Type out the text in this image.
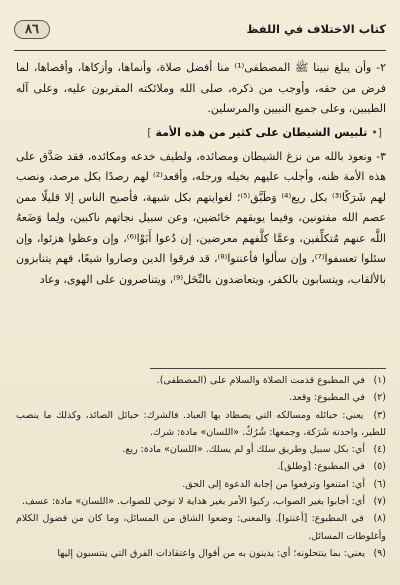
كتاب الاختلاف في اللفظ
٨٦

٢- وأن يبلغ نبينا ﷺ المصطفى⁽¹⁾ منا أفضل صلاة، وأنماها، وأزكاها، وأقصاها، لما فرض من حقه، وأوجب من ذكره، صلى الله وملائكته المقربون عليه، وعلى آله الطيبين، وعلى جميع النبيين والمرسلين.

[• تلبيس الشيطان على كثير من هذه الأمة ]

٣- ونعوذ بالله من نزغ الشيطان ومصائده، ولطيف خدعه ومكائده، فقد صَدَّق على هذه الأمة ظنه، وأجلب عليهم بخيله ورجله، وأقعد⁽²⁾ لهم رصدًا بكل مرصد، ونصب لهم شَرَكًا⁽³⁾ بكل ريع⁽⁴⁾ وَطَبَّق⁽⁵⁾؛ لغوايتهم بكل شبهة، فأصبح الناس إلا قليلًا ممن عصم الله مفتونين، وفيما يوبقهم خائضين، وعن سبيل نجاتهم ناكبين، ولِما وَضَعهُ اللَّه عنهم مُتكلِّفين، وعمَّا كلَّفهم معرضين، إن دُعوا أَبَوْا⁽⁶⁾، وإن وعظوا هزئوا، وإن سئلوا تعسفوا⁽⁷⁾، وإن سألوا فأعنتوا⁽⁸⁾، قد فرقوا الدين وصاروا شيعًا، فهم يتنابزون بالألقاب، ويتسابون بالكفر، ويتعاضدون بالنِّحَل⁽⁹⁾، ويتناصرون على الهوى، وعاد

(١) في المطبوع قدمت الصلاة والسلام على (المصطفى).

(٢) في المطبوع: وقعد.

(٣) يعني: حبائله ومسالكه التي يصطاد بها العباد. فالشرك: حبائل الصائد، وكذلك ما ينصب للطير، واحدته شَرَكة، وجمعها: شُرُكٌ. «اللسان» مادة: شرك.

(٤) أي: بكل سبيل وطريق سلك أو لم يسلك. «اللسان» مادة: ريع.

(٥) في المطبوع: [وطلق].

(٦) أي: امتنعوا وترفعوا من إجابة الدعوة إلى الحق.

(٧) أي: أجابوا بغير الصواب، ركبوا الأمر بغير هداية لا توخي للصواب. «اللسان» مادة: عسف.

(٨) في المطبوع: [أعنتوا]. والمعنى: وضعوا الشاق من المسائل، وما كان من فضول الكلام وأغلوطات المسائل.

(٩) يعني: بما ينتحلونه؛ أي: يدينون به من أقوال واعتقادات الفرق التي ينتسبون إليها
